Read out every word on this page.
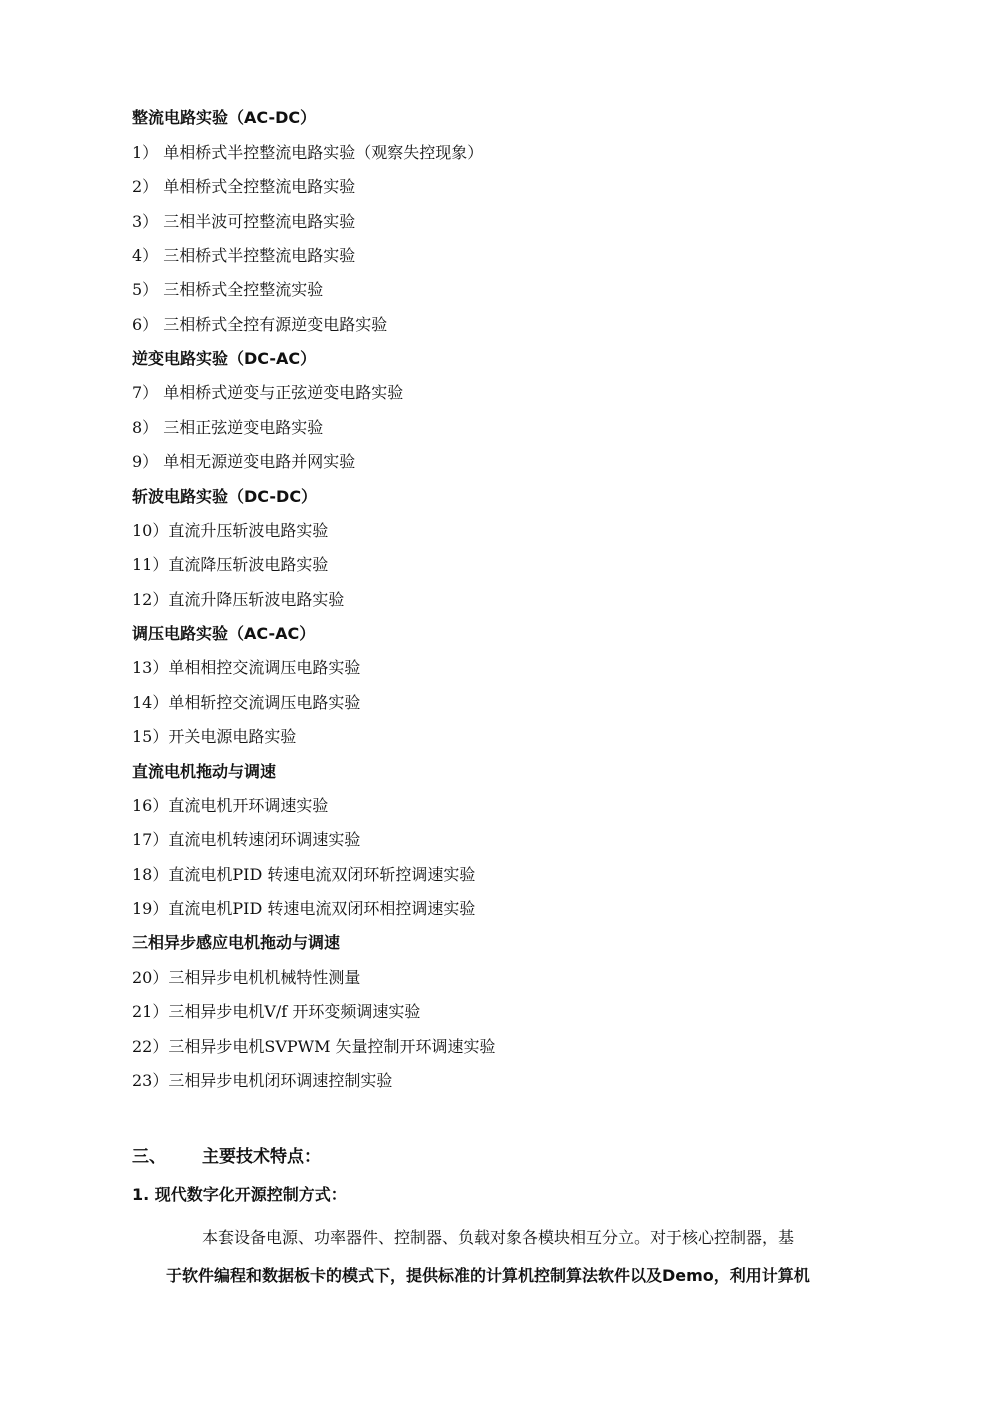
整流电路实验（AC-DC）
1） 单相桥式半控整流电路实验（观察失控现象）
2） 单相桥式全控整流电路实验
3） 三相半波可控整流电路实验
4） 三相桥式半控整流电路实验
5） 三相桥式全控整流实验
6） 三相桥式全控有源逆变电路实验
逆变电路实验（DC-AC）
7） 单相桥式逆变与正弦逆变电路实验
8） 三相正弦逆变电路实验
9） 单相无源逆变电路并网实验
斩波电路实验（DC-DC）
10）直流升压斩波电路实验
11）直流降压斩波电路实验
12）直流升降压斩波电路实验
调压电路实验（AC-AC）
13）单相相控交流调压电路实验
14）单相斩控交流调压电路实验
15）开关电源电路实验
直流电机拖动与调速
16）直流电机开环调速实验
17）直流电机转速闭环调速实验
18）直流电机PID 转速电流双闭环斩控调速实验
19）直流电机PID 转速电流双闭环相控调速实验
三相异步感应电机拖动与调速
20）三相异步电机机械特性测量
21）三相异步电机V/f 开环变频调速实验
22）三相异步电机SVPWM 矢量控制开环调速实验
23）三相异步电机闭环调速控制实验
三、 主要技术特点：
1. 现代数字化开源控制方式：
本套设备电源、功率器件、控制器、负载对象各模块相互分立。对于核心控制器，基
于软件编程和数据板卡的模式下，提供标准的计算机控制算法软件以及Demo，利用计算机
